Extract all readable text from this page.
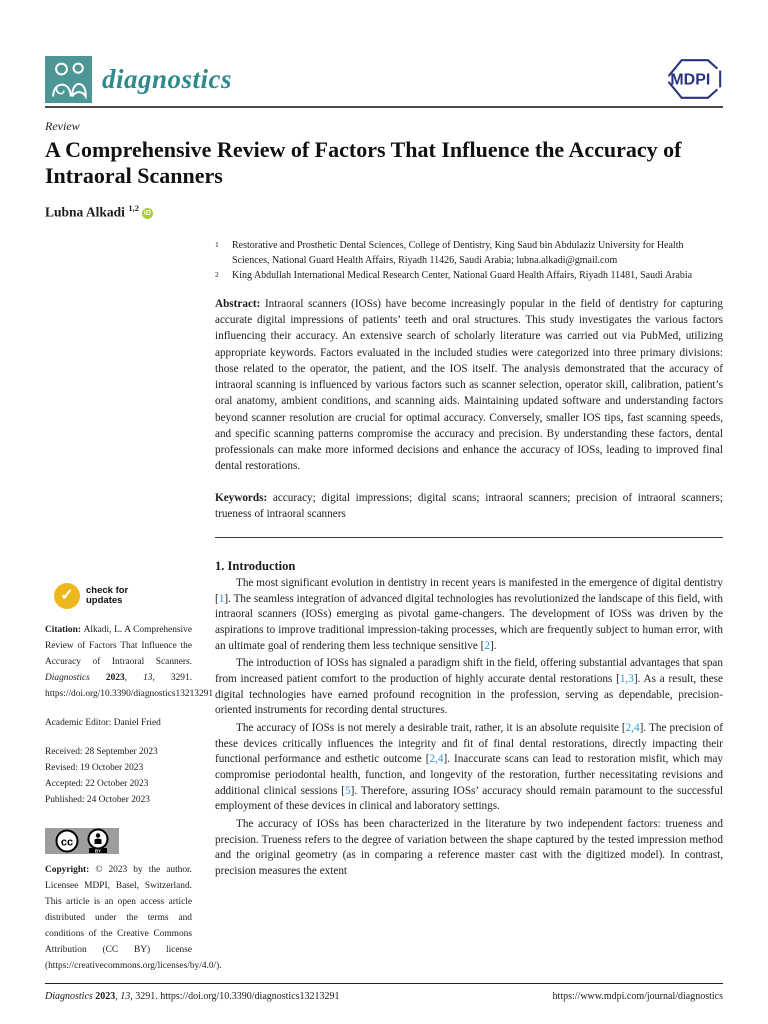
diagnostics	MDPI
Review
A Comprehensive Review of Factors That Influence the Accuracy of Intraoral Scanners
Lubna Alkadi $^{1,2}$iD
✓	check for
updates

Citation: Alkadi, L. A Comprehensive Review of Factors That Influence the Accuracy of Intraoral Scanners. Diagnostics 2023, 13, 3291. https://doi.org/10.3390/diagnostics13213291

Academic Editor: Daniel Fried

Received: 28 September 2023
Revised: 19 October 2023
Accepted: 22 October 2023
Published: 24 October 2023
cc
BY

Copyright: © 2023 by the author. Licensee MDPI, Basel, Switzerland. This article is an open access article distributed under the terms and conditions of the Creative Commons Attribution (CC BY) license (https://creativecommons.org/licenses/by/4.0/).

1	Restorative and Prosthetic Dental Sciences, College of Dentistry, King Saud bin Abdulaziz University for Health Sciences, National Guard Health Affairs, Riyadh 11426, Saudi Arabia; lubna.alkadi@gmail.com
2	King Abdullah International Medical Research Center, National Guard Health Affairs, Riyadh 11481, Saudi Arabia

Abstract: Intraoral scanners (IOSs) have become increasingly popular in the field of dentistry for capturing accurate digital impressions of patients’ teeth and oral structures. This study investigates the various factors influencing their accuracy. An extensive search of scholarly literature was carried out via PubMed, utilizing appropriate keywords. Factors evaluated in the included studies were categorized into three primary divisions: those related to the operator, the patient, and the IOS itself. The analysis demonstrated that the accuracy of intraoral scanning is influenced by various factors such as scanner selection, operator skill, calibration, patient’s oral anatomy, ambient conditions, and scanning aids. Maintaining updated software and understanding factors beyond scanner resolution are crucial for optimal accuracy. Conversely, smaller IOS tips, fast scanning speeds, and specific scanning patterns compromise the accuracy and precision. By understanding these factors, dental professionals can make more informed decisions and enhance the accuracy of IOSs, leading to improved final dental restorations.

Keywords: accuracy; digital impressions; digital scans; intraoral scanners; precision of intraoral scanners; trueness of intraoral scanners

1. Introduction

The most significant evolution in dentistry in recent years is manifested in the emergence of digital dentistry [1]. The seamless integration of advanced digital technologies has revolutionized the landscape of this field, with intraoral scanners (IOSs) emerging as pivotal game-changers. The development of IOSs was driven by the aspirations to improve traditional impression-taking processes, which are frequently subject to human error, with an ultimate goal of rendering them less technique sensitive [2].

The introduction of IOSs has signaled a paradigm shift in the field, offering substantial advantages that span from increased patient comfort to the production of highly accurate dental restorations [1,3]. As a result, these digital technologies have earned profound recognition in the profession, serving as dependable, precision-oriented instruments for recording dental structures.

The accuracy of IOSs is not merely a desirable trait, rather, it is an absolute requisite [2,4]. The precision of these devices critically influences the integrity and fit of final dental restorations, directly impacting their functional performance and esthetic outcome [2,4]. Inaccurate scans can lead to restoration misfit, which may compromise periodontal health, function, and longevity of the restoration, further necessitating revisions and additional clinical sessions [5]. Therefore, assuring IOSs’ accuracy should remain paramount to the successful employment of these devices in clinical and laboratory settings.

The accuracy of IOSs has been characterized in the literature by two independent factors: trueness and precision. Trueness refers to the degree of variation between the shape captured by the tested impression method and the original geometry (as in comparing a reference master cast with the digitized model). In contrast, precision measures the extent

Diagnostics 2023, 13, 3291. https://doi.org/10.3390/diagnostics13213291	https://www.mdpi.com/journal/diagnostics
